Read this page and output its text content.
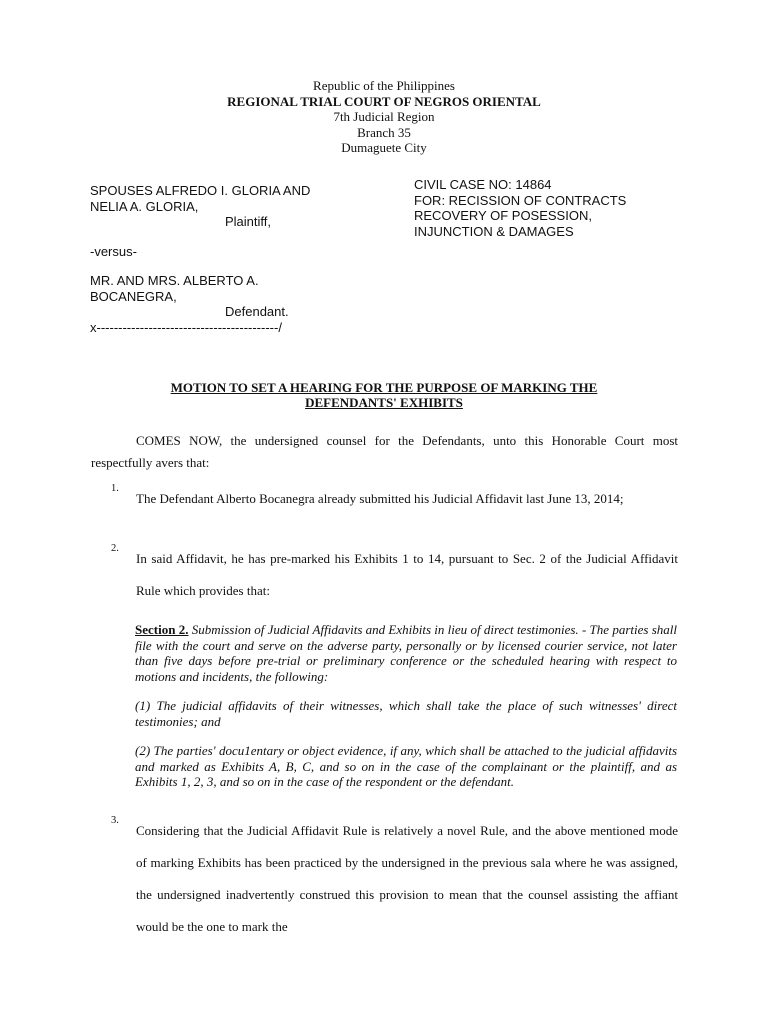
Republic of the Philippines
REGIONAL TRIAL COURT OF NEGROS ORIENTAL
7th Judicial Region
Branch 35
Dumaguete City
SPOUSES ALFREDO I. GLORIA AND
NELIA A. GLORIA,
Plaintiff,
-versus-
MR. AND MRS. ALBERTO A.
BOCANEGRA,
Defendant.
x------------------------------------------/
CIVIL CASE NO: 14864
FOR: RECISSION OF CONTRACTS
RECOVERY OF POSESSION,
INJUNCTION & DAMAGES
MOTION TO SET A HEARING FOR THE PURPOSE OF MARKING THE
DEFENDANTS' EXHIBITS
COMES NOW, the undersigned counsel for the Defendants, unto this Honorable Court most respectfully avers that:
1.
The Defendant Alberto Bocanegra already submitted his Judicial Affidavit last June 13, 2014;
2.
In said Affidavit, he has pre-marked his Exhibits 1 to 14, pursuant to Sec. 2 of the Judicial Affidavit Rule which provides that:
Section 2. Submission of Judicial Affidavits and Exhibits in lieu of direct testimonies. - The parties shall file with the court and serve on the adverse party, personally or by licensed courier service, not later than five days before pre-trial or preliminary conference or the scheduled hearing with respect to motions and incidents, the following:
(1) The judicial affidavits of their witnesses, which shall take the place of such witnesses' direct testimonies; and
(2) The parties' docu1entary or object evidence, if any, which shall be attached to the judicial affidavits and marked as Exhibits A, B, C, and so on in the case of the complainant or the plaintiff, and as Exhibits 1, 2, 3, and so on in the case of the respondent or the defendant.
3.
Considering that the Judicial Affidavit Rule is relatively a novel Rule, and the above mentioned mode of marking Exhibits has been practiced by the undersigned in the previous sala where he was assigned, the undersigned inadvertently construed this provision to mean that the counsel assisting the affiant would be the one to mark the
